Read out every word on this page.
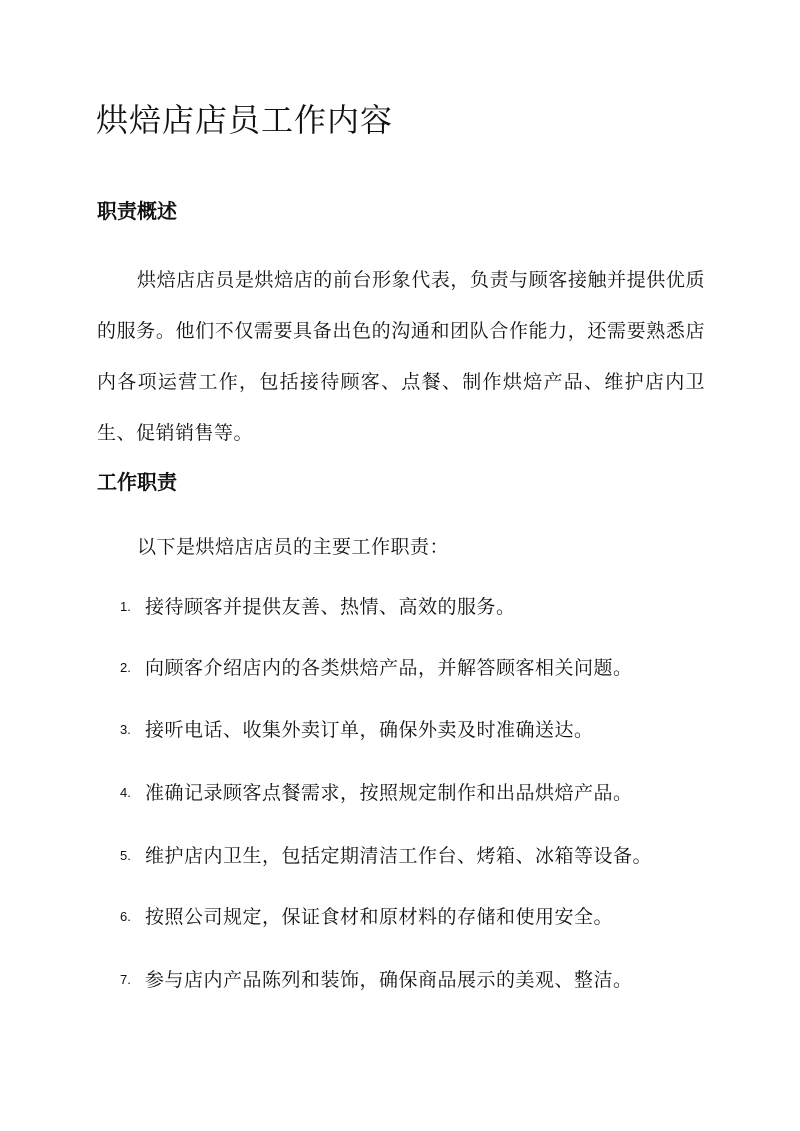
烘焙店店员工作内容
职责概述

烘焙店店员是烘焙店的前台形象代表，负责与顾客接触并提供优质的服务。他们不仅需要具备出色的沟通和团队合作能力，还需要熟悉店内各项运营工作，包括接待顾客、点餐、制作烘焙产品、维护店内卫生、促销销售等。

工作职责

以下是烘焙店店员的主要工作职责：

1. 接待顾客并提供友善、热情、高效的服务。
2. 向顾客介绍店内的各类烘焙产品，并解答顾客相关问题。
3. 接听电话、收集外卖订单，确保外卖及时准确送达。
4. 准确记录顾客点餐需求，按照规定制作和出品烘焙产品。
5. 维护店内卫生，包括定期清洁工作台、烤箱、冰箱等设备。
6. 按照公司规定，保证食材和原材料的存储和使用安全。
7. 参与店内产品陈列和装饰，确保商品展示的美观、整洁。
